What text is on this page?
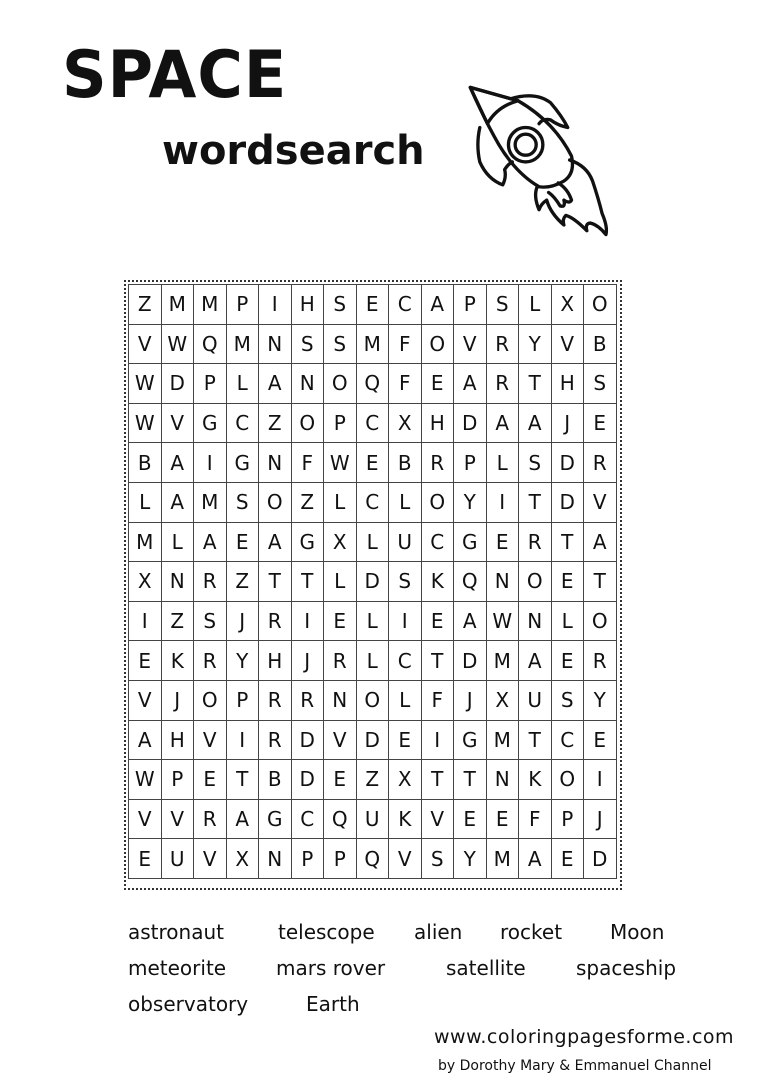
SPACE
wordsearch
Z	M	M	P	I	H	S	E	C	A	P	S	L	X	O
V	W	Q	M	N	S	S	M	F	O	V	R	Y	V	B
W	D	P	L	A	N	O	Q	F	E	A	R	T	H	S
W	V	G	C	Z	O	P	C	X	H	D	A	A	J	E
B	A	I	G	N	F	W	E	B	R	P	L	S	D	R
L	A	M	S	O	Z	L	C	L	O	Y	I	T	D	V
M	L	A	E	A	G	X	L	U	C	G	E	R	T	A
X	N	R	Z	T	T	L	D	S	K	Q	N	O	E	T
I	Z	S	J	R	I	E	L	I	E	A	W	N	L	O
E	K	R	Y	H	J	R	L	C	T	D	M	A	E	R
V	J	O	P	R	R	N	O	L	F	J	X	U	S	Y
A	H	V	I	R	D	V	D	E	I	G	M	T	C	E
W	P	E	T	B	D	E	Z	X	T	T	N	K	O	I
V	V	R	A	G	C	Q	U	K	V	E	E	F	P	J
E	U	V	X	N	P	P	Q	V	S	Y	M	A	E	D
astronaut	telescope alien rocket Moon
meteorite mars rover	satellite	spaceship
observatory	Earth
www.coloringpagesforme.com
by Dorothy Mary & Emmanuel Channel
